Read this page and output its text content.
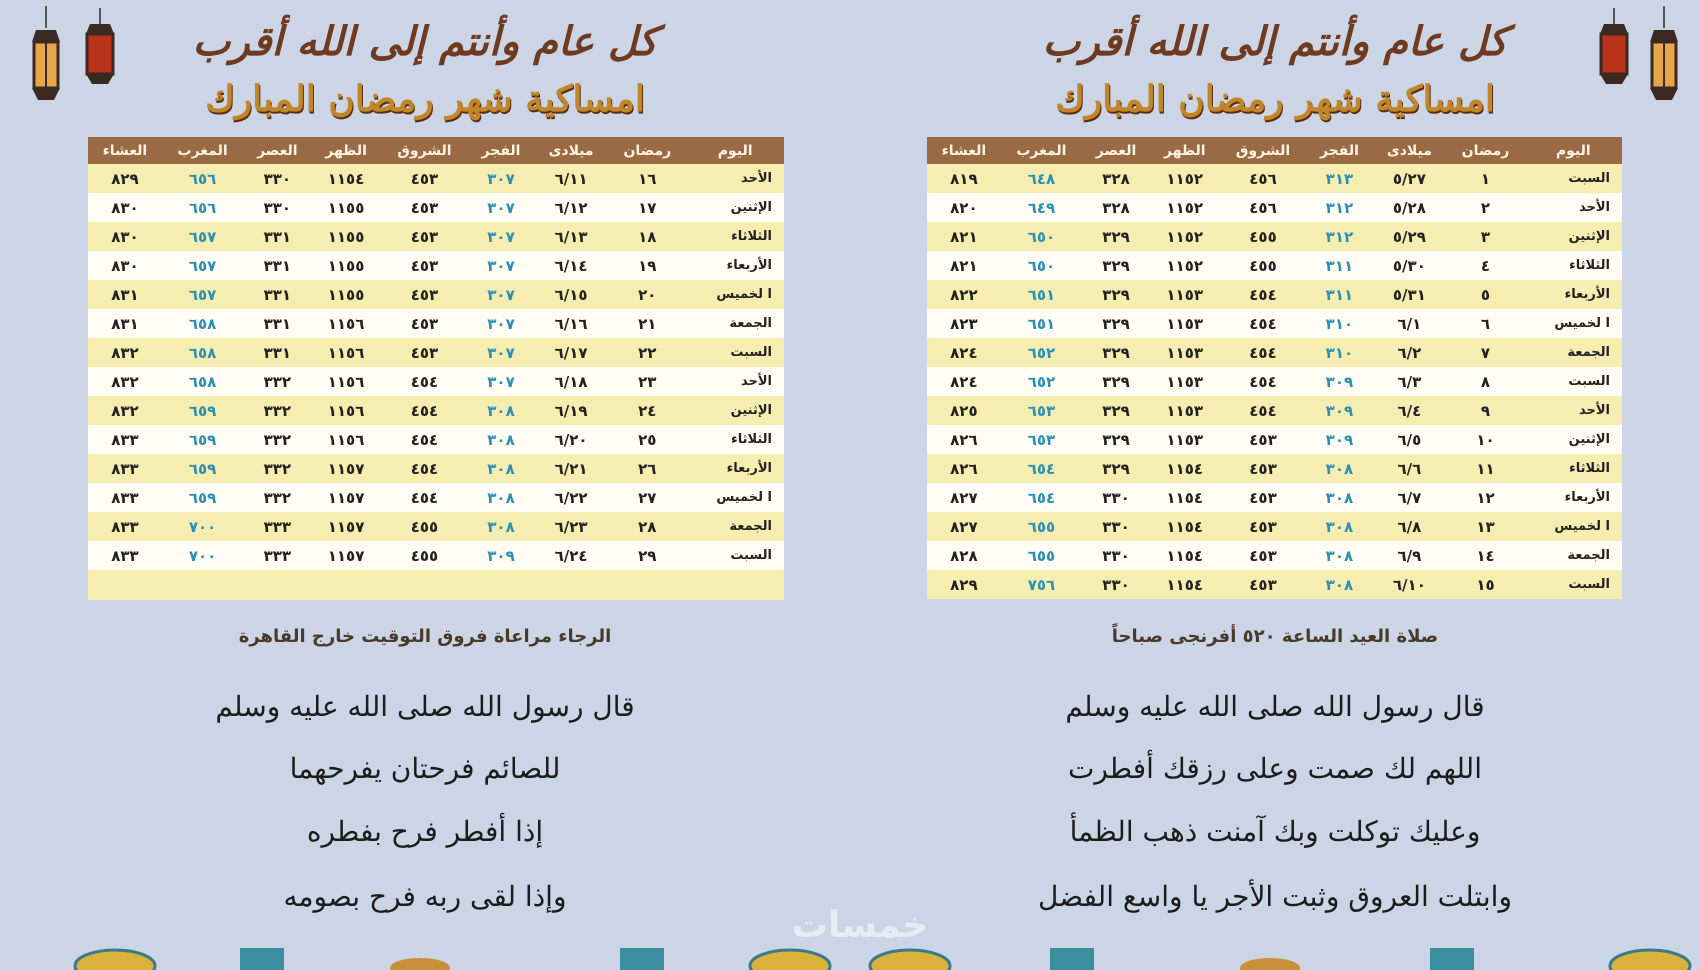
كل عام وأنتم إلى الله أقرب
امساكية شهر رمضان المبارك
اليوم	رمضان	ميلادى	الفجر	الشروق	الظهر	العصر	المغرب	العشاء
الأحد	١٦	٦/١١	٣٠٧	٤٥٣	١١٥٤	٣٣٠	٦٥٦	٨٢٩
الإثنين	١٧	٦/١٢	٣٠٧	٤٥٣	١١٥٥	٣٣٠	٦٥٦	٨٣٠
الثلاثاء	١٨	٦/١٣	٣٠٧	٤٥٣	١١٥٥	٣٣١	٦٥٧	٨٣٠
الأربعاء	١٩	٦/١٤	٣٠٧	٤٥٣	١١٥٥	٣٣١	٦٥٧	٨٣٠
ا لخميس	٢٠	٦/١٥	٣٠٧	٤٥٣	١١٥٥	٣٣١	٦٥٧	٨٣١
الجمعة	٢١	٦/١٦	٣٠٧	٤٥٣	١١٥٦	٣٣١	٦٥٨	٨٣١
السبت	٢٢	٦/١٧	٣٠٧	٤٥٣	١١٥٦	٣٣١	٦٥٨	٨٣٢
الأحد	٢٣	٦/١٨	٣٠٧	٤٥٤	١١٥٦	٣٣٢	٦٥٨	٨٣٢
الإثنين	٢٤	٦/١٩	٣٠٨	٤٥٤	١١٥٦	٣٣٢	٦٥٩	٨٣٢
الثلاثاء	٢٥	٦/٢٠	٣٠٨	٤٥٤	١١٥٦	٣٣٢	٦٥٩	٨٣٣
الأربعاء	٢٦	٦/٢١	٣٠٨	٤٥٤	١١٥٧	٣٣٢	٦٥٩	٨٣٣
ا لخميس	٢٧	٦/٢٢	٣٠٨	٤٥٤	١١٥٧	٣٣٢	٦٥٩	٨٣٣
الجمعة	٢٨	٦/٢٣	٣٠٨	٤٥٥	١١٥٧	٣٣٣	٧٠٠	٨٣٣
السبت	٢٩	٦/٢٤	٣٠٩	٤٥٥	١١٥٧	٣٣٣	٧٠٠	٨٣٣

الرجاء مراعاة فروق التوقيت خارج القاهرة
قال رسول الله صلى الله عليه وسلم
للصائم فرحتان يفرحهما
إذا أفطر فرح بفطره
وإذا لقى ربه فرح بصومه
كل عام وأنتم إلى الله أقرب
امساكية شهر رمضان المبارك
اليوم	رمضان	ميلادى	الفجر	الشروق	الظهر	العصر	المغرب	العشاء
السبت	١	٥/٢٧	٣١٣	٤٥٦	١١٥٢	٣٢٨	٦٤٨	٨١٩
الأحد	٢	٥/٢٨	٣١٢	٤٥٦	١١٥٢	٣٢٨	٦٤٩	٨٢٠
الإثنين	٣	٥/٢٩	٣١٢	٤٥٥	١١٥٢	٣٢٩	٦٥٠	٨٢١
الثلاثاء	٤	٥/٣٠	٣١١	٤٥٥	١١٥٢	٣٢٩	٦٥٠	٨٢١
الأربعاء	٥	٥/٣١	٣١١	٤٥٤	١١٥٣	٣٢٩	٦٥١	٨٢٢
ا لخميس	٦	٦/١	٣١٠	٤٥٤	١١٥٣	٣٢٩	٦٥١	٨٢٣
الجمعة	٧	٦/٢	٣١٠	٤٥٤	١١٥٣	٣٢٩	٦٥٢	٨٢٤
السبت	٨	٦/٣	٣٠٩	٤٥٤	١١٥٣	٣٢٩	٦٥٢	٨٢٤
الأحد	٩	٦/٤	٣٠٩	٤٥٤	١١٥٣	٣٢٩	٦٥٣	٨٢٥
الإثنين	١٠	٦/٥	٣٠٩	٤٥٣	١١٥٣	٣٢٩	٦٥٣	٨٢٦
الثلاثاء	١١	٦/٦	٣٠٨	٤٥٣	١١٥٤	٣٢٩	٦٥٤	٨٢٦
الأربعاء	١٢	٦/٧	٣٠٨	٤٥٣	١١٥٤	٣٣٠	٦٥٤	٨٢٧
ا لخميس	١٣	٦/٨	٣٠٨	٤٥٣	١١٥٤	٣٣٠	٦٥٥	٨٢٧
الجمعة	١٤	٦/٩	٣٠٨	٤٥٣	١١٥٤	٣٣٠	٦٥٥	٨٢٨
السبت	١٥	٦/١٠	٣٠٨	٤٥٣	١١٥٤	٣٣٠	٧٥٦	٨٢٩
صلاة العيد الساعة ٥٢٠ أفرنجى صباحاً
قال رسول الله صلى الله عليه وسلم
اللهم لك صمت وعلى رزقك أفطرت
وعليك توكلت وبك آمنت ذهب الظمأ
وابتلت العروق وثبت الأجر يا واسع الفضل
خمسات
